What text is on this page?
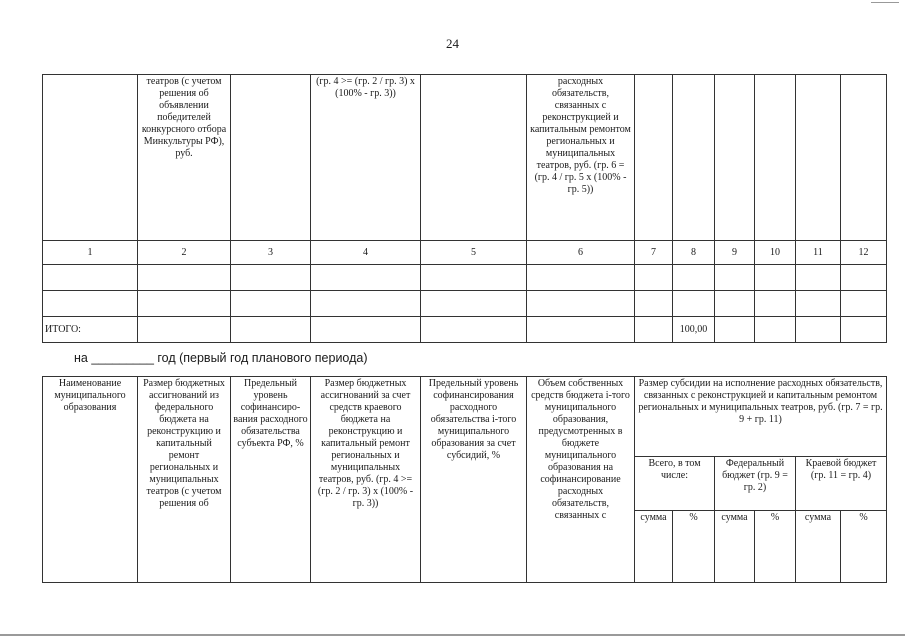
24
	театров (с учетом решения об объявлении победителей конкурсного отбора Минкультуры РФ), руб.		(гр. 4 >= (гр. 2 / гр. 3) х (100% - гр. 3))		расходных обязательств, связанных с реконструкцией и капитальным ремонтом региональных и муниципальных театров, руб. (гр. 6 = (гр. 4 / гр. 5 х (100% - гр. 5))						
1	2	3	4	5	6	7	8	9	10	11	12

ИТОГО:							100,00				
на _________ год (первый год планового периода)
Наименование муниципального образования	Размер бюджетных ассигнований из федерального бюджета на реконструкцию и капитальный ремонт региональных и муниципальных театров (с учетом решения об	Предельный уровень софинансиро-вания расходного обязательства субъекта РФ, %	Размер бюджетных ассигнований за счет средств краевого бюджета на реконструкцию и капитальный ремонт региональных и муниципальных театров, руб. (гр. 4 >= (гр. 2 / гр. 3) х (100% - гр. 3))	Предельный уровень софинансирования расходного обязательства i-того муниципального образования за счет субсидий, %	Объем собственных средств бюджета i-того муниципального образования, предусмотренных в бюджете муниципального образования на софинансирование расходных обязательств, связанных с	Размер субсидии на исполнение расходных обязательств, связанных с реконструкцией и капитальным ремонтом региональных и муниципальных театров, руб. (гр. 7 = гр. 9 + гр. 11)					
						Всего, в том числе:		Федеральный бюджет (гр. 9 = гр. 2)		Краевой бюджет (гр. 11 = гр. 4)	
						сумма	%	сумма	%	сумма	%
